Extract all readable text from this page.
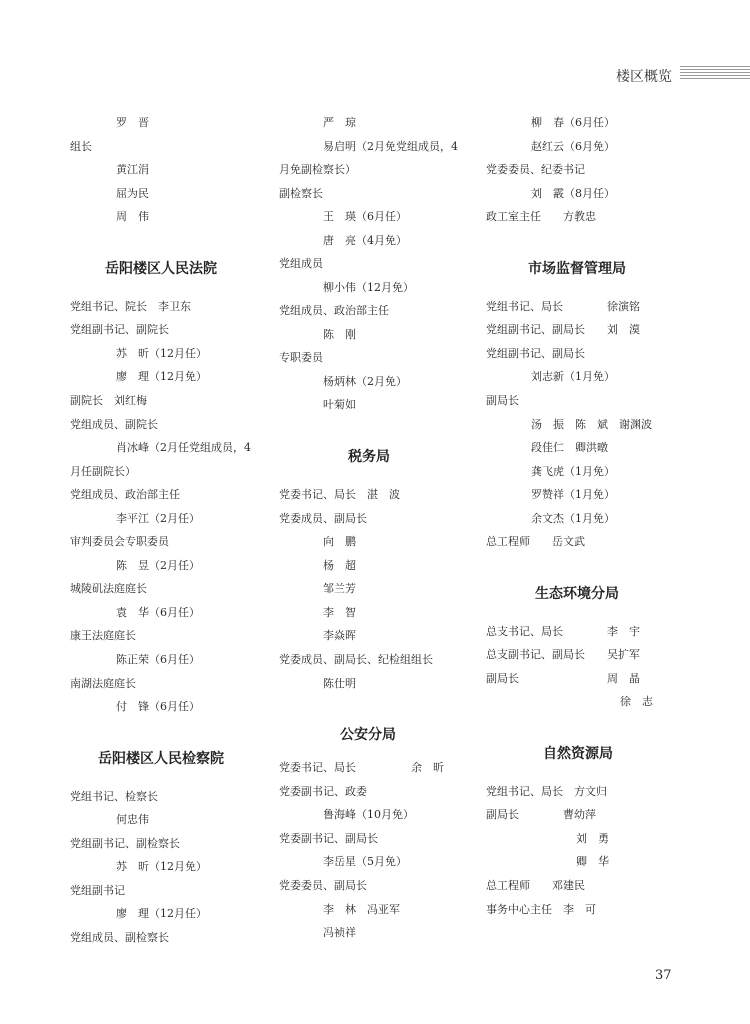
楼区概览
罗　晋
组长
黄江涓
屈为民
周　伟
岳阳楼区人民法院
党组书记、院长　李卫东
党组副书记、副院长
苏　昕（12月任）
廖　理（12月免）
副院长　刘红梅
党组成员、副院长
肖冰峰（2月任党组成员，4
月任副院长）
党组成员、政治部主任
李平江（2月任）
审判委员会专职委员
陈　昱（2月任）
城陵矶法庭庭长
袁　华（6月任）
康王法庭庭长
陈正荣（6月任）
南湖法庭庭长
付　锋（6月任）
岳阳楼区人民检察院
党组书记、检察长
何忠伟
党组副书记、副检察长
苏　昕（12月免）
党组副书记
廖　理（12月任）
党组成员、副检察长
严　琼
易启明（2月免党组成员，4
月免副检察长）
副检察长
王　瑛（6月任）
唐　亮（4月免）
党组成员
柳小伟（12月免）
党组成员、政治部主任
陈　刚
专职委员
杨炳林（2月免）
叶菊如
税务局
党委书记、局长　湛　波
党委成员、副局长
向　鹏
杨　超
邹兰芳
李　智
李焱晖
党委成员、副局长、纪检组组长
陈仕明
公安分局
党委书记、局长　　　　　余　昕
党委副书记、政委
鲁海峰（10月免）
党委副书记、副局长
李岳星（5月免）
党委委员、副局长
李　林　冯亚军
冯祯祥
柳　春（6月任）
赵红云（6月免）
党委委员、纪委书记
刘　霰（8月任）
政工室主任　　方教忠
市场监督管理局
党组书记、局长　　　　徐演铭
党组副书记、副局长　　刘　漠
党组副书记、副局长
刘志新（1月免）
副局长
汤　振　陈　斌　谢渊波
段佳仁　卿洪暾
龚飞虎（1月免）
罗赞祥（1月免）
余文杰（1月免）
总工程师　　岳文武
生态环境分局
总支书记、局长　　　　李　宇
总支副书记、副局长　　吴扩军
副局长　　　　　　　　周　晶
徐　志
自然资源局
党组书记、局长　方文归
副局长　　　　曹幼萍
刘　勇
卿　华
总工程师　　邓建民
事务中心主任　李　可
37
